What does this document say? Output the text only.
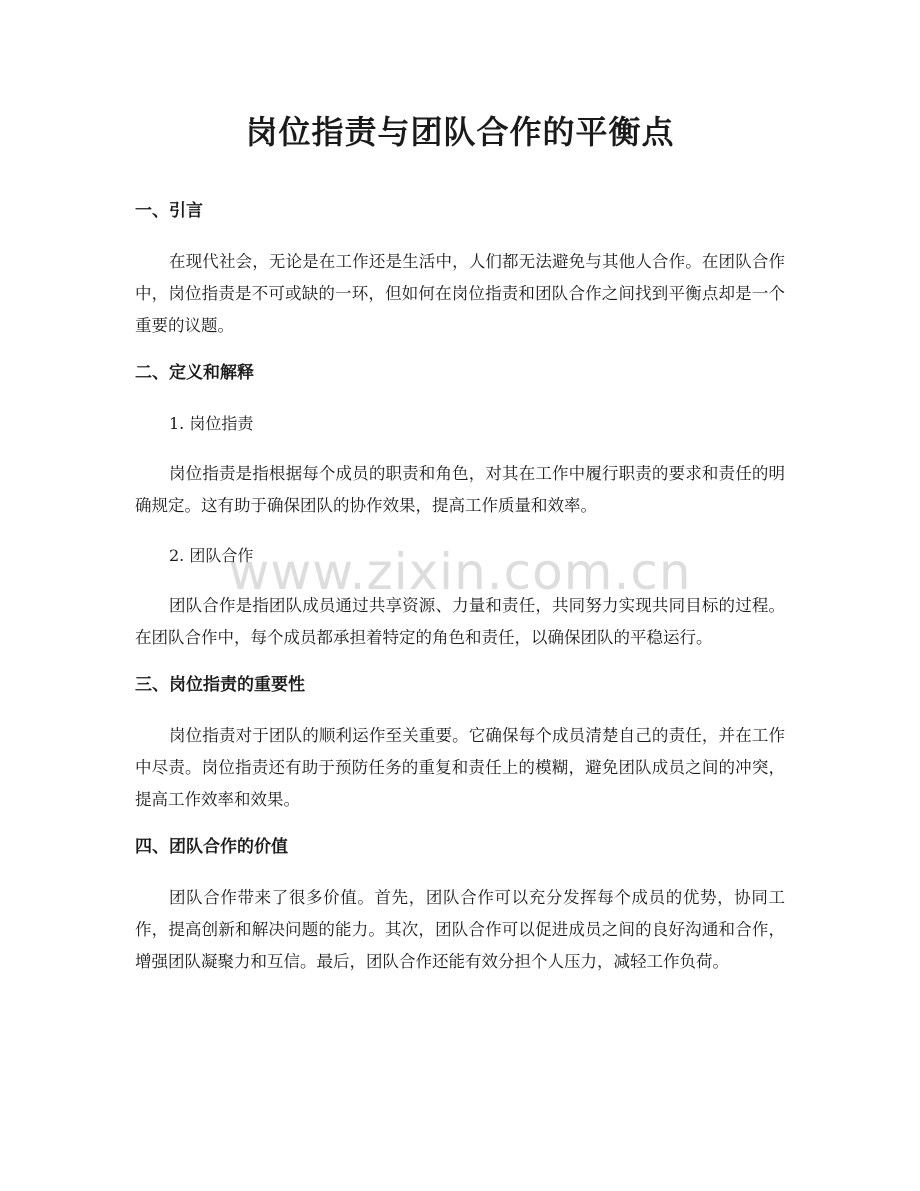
岗位指责与团队合作的平衡点
一、引言

在现代社会，无论是在工作还是生活中，人们都无法避免与其他人合作。在团队合作中，岗位指责是不可或缺的一环，但如何在岗位指责和团队合作之间找到平衡点却是一个重要的议题。

二、定义和解释

1. 岗位指责

岗位指责是指根据每个成员的职责和角色，对其在工作中履行职责的要求和责任的明确规定。这有助于确保团队的协作效果，提高工作质量和效率。

2. 团队合作

团队合作是指团队成员通过共享资源、力量和责任，共同努力实现共同目标的过程。在团队合作中，每个成员都承担着特定的角色和责任，以确保团队的平稳运行。

三、岗位指责的重要性

岗位指责对于团队的顺利运作至关重要。它确保每个成员清楚自己的责任，并在工作中尽责。岗位指责还有助于预防任务的重复和责任上的模糊，避免团队成员之间的冲突，提高工作效率和效果。

四、团队合作的价值

团队合作带来了很多价值。首先，团队合作可以充分发挥每个成员的优势，协同工作，提高创新和解决问题的能力。其次，团队合作可以促进成员之间的良好沟通和合作，增强团队凝聚力和互信。最后，团队合作还能有效分担个人压力，减轻工作负荷。

www.zixin.com.cn
